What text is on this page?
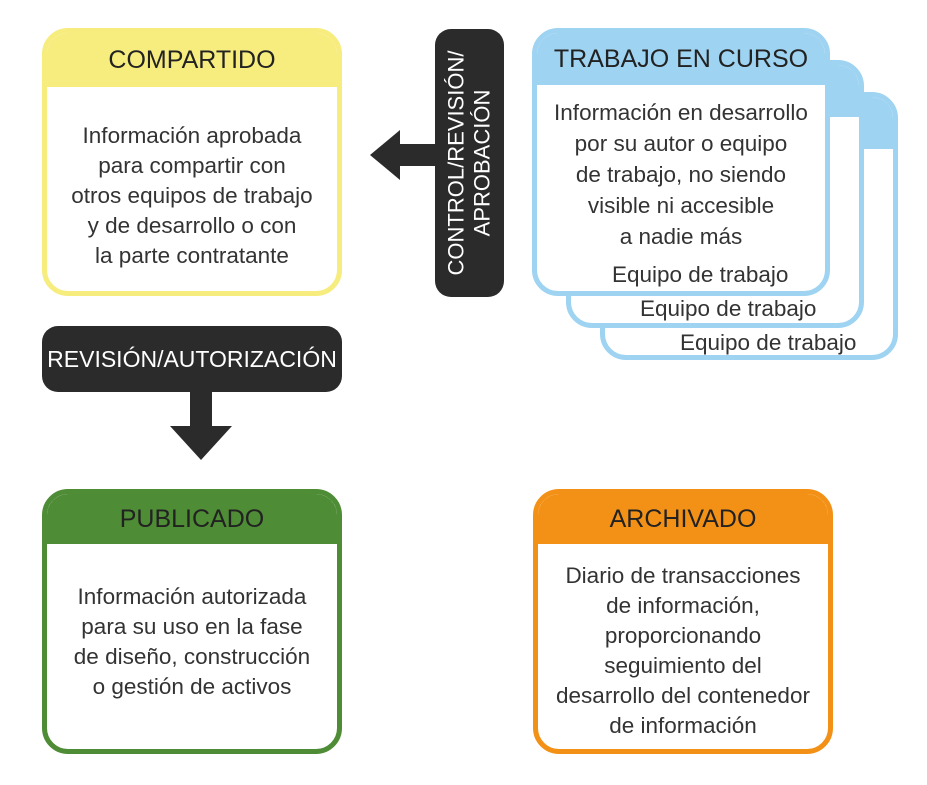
COMPARTIDO
Información aprobada
para compartir con
otros equipos de trabajo
y de desarrollo o con
la parte contratante	CONTROL/REVISIÓN/
APROBACIÓN
TRABAJO EN CURSO
Información en desarrollo
por su autor o equipo
de trabajo, no siendo
visible ni accesible
a nadie más
Equipo de trabajo
Equipo de trabajo
Equipo de trabajo
REVISIÓN/AUTORIZACIÓN
PUBLICADO
Información autorizada
para su uso en la fase
de diseño, construcción
o gestión de activos
ARCHIVADO
Diario de transacciones
de información,
proporcionando
seguimiento del
desarrollo del contenedor
de información
